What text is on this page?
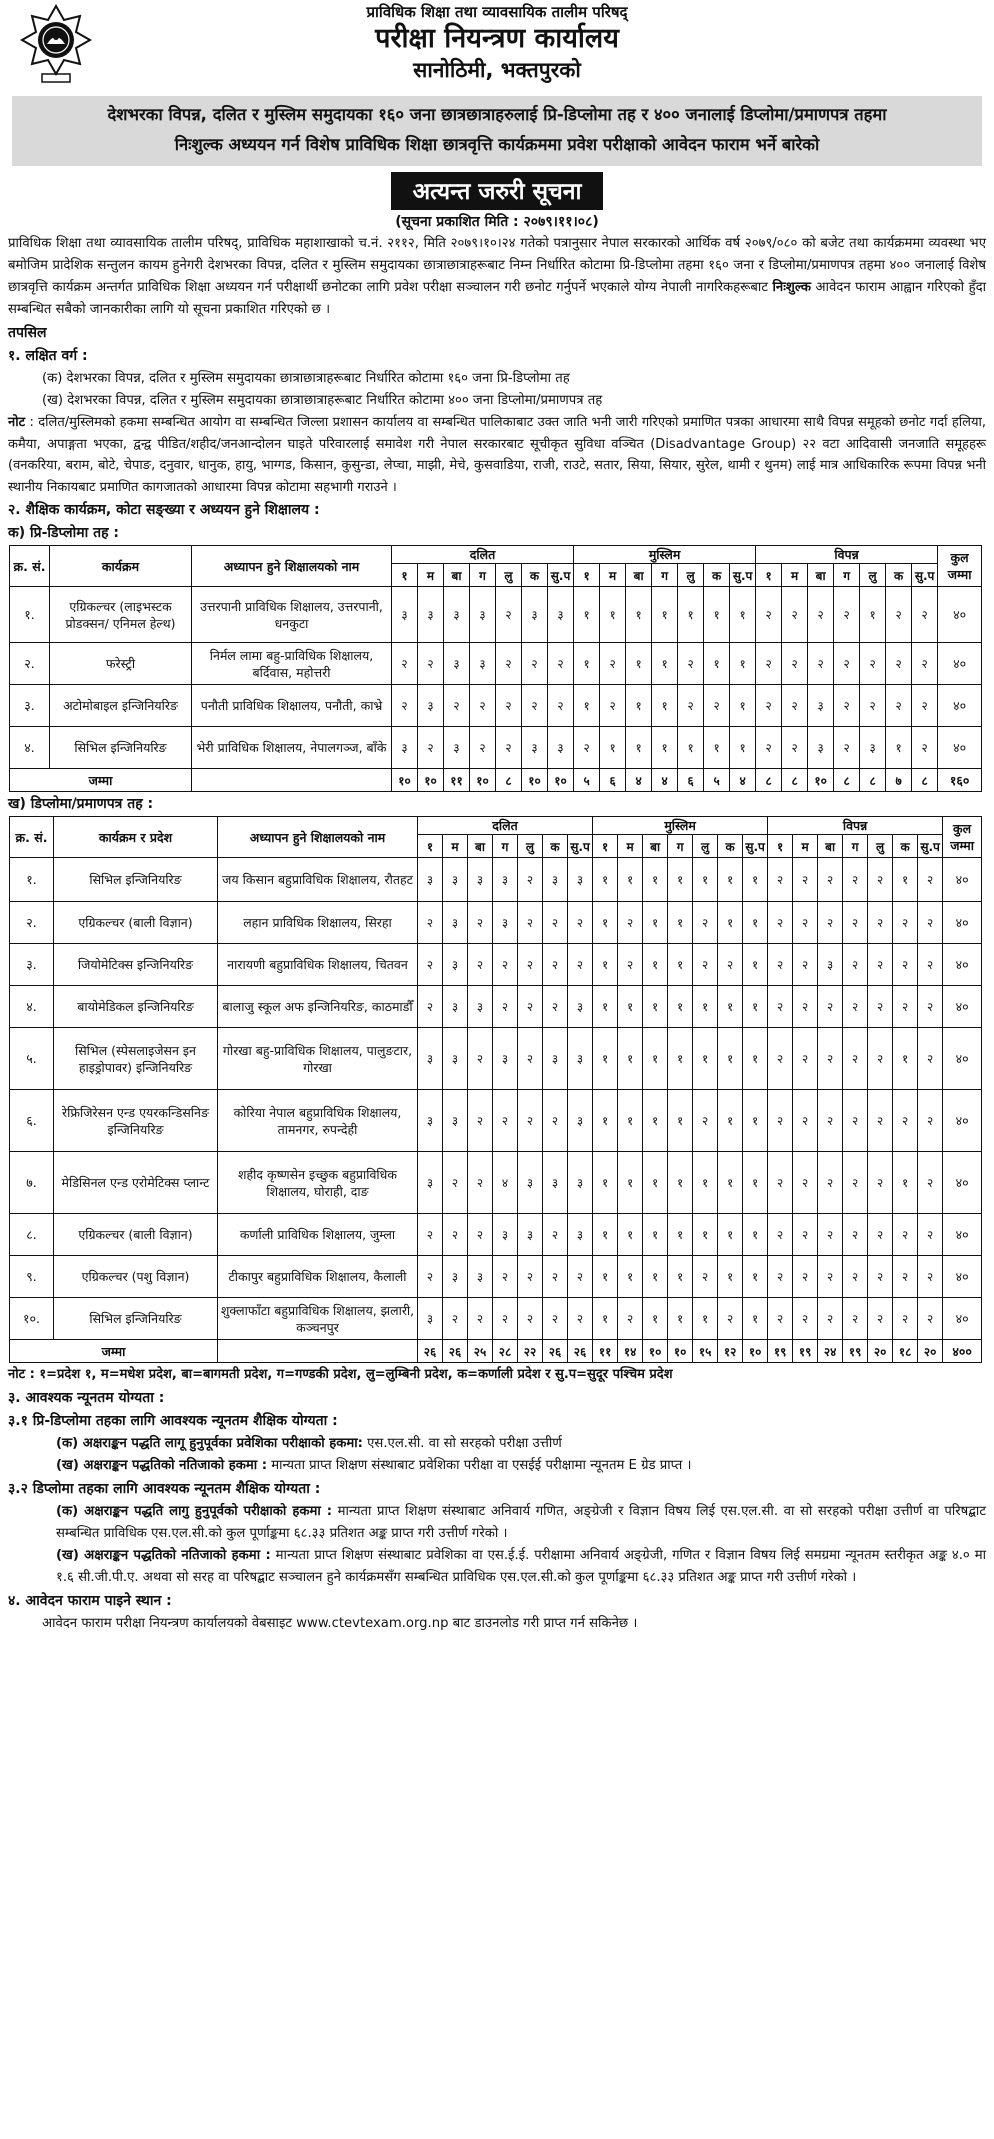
प्राविधिक शिक्षा तथा व्यावसायिक तालीम परिषद्
परीक्षा नियन्त्रण कार्यालय
सानोठिमी, भक्तपुरको
देशभरका विपन्न, दलित र मुस्लिम समुदायका १६० जना छात्रछात्राहरुलाई प्रि-डिप्लोमा तह र ४०० जनालाई डिप्लोमा/प्रमाणपत्र तहमा
निःशुल्क अध्ययन गर्न विशेष प्राविधिक शिक्षा छात्रवृत्ति कार्यक्रममा प्रवेश परीक्षाको आवेदन फाराम भर्ने बारेको
अत्यन्त जरुरी सूचना
(सूचना प्रकाशित मिति : २०७९।११।०८)
प्राविधिक शिक्षा तथा व्यावसायिक तालीम परिषद्, प्राविधिक महाशाखाको च.नं. २११२, मिति २०७९।१०।२४ गतेको पत्रानुसार नेपाल सरकारको आर्थिक वर्ष २०७९/०८० को बजेट तथा कार्यक्रममा व्यवस्था भए बमोजिम प्रादेशिक सन्तुलन कायम हुनेगरी देशभरका विपन्न, दलित र मुस्लिम समुदायका छात्राछात्राहरूबाट निम्न निर्धारित कोटामा प्रि-डिप्लोमा तहमा १६० जना र डिप्लोमा/प्रमाणपत्र तहमा ४०० जनालाई विशेष छात्रवृत्ति कार्यक्रम अन्तर्गत प्राविधिक शिक्षा अध्ययन गर्न परीक्षार्थी छनोटका लागि प्रवेश परीक्षा सञ्चालन गरी छनोट गर्नुपर्ने भएकाले योग्य नेपाली नागरिकहरूबाट निःशुल्क आवेदन फाराम आह्वान गरिएको हुँदा सम्बन्धित सबैको जानकारीका लागि यो सूचना प्रकाशित गरिएको छ ।
तपसिल
१. लक्षित वर्ग :
(क) देशभरका विपन्न, दलित र मुस्लिम समुदायका छात्राछात्राहरूबाट निर्धारित कोटामा १६० जना प्रि-डिप्लोमा तह
(ख) देशभरका विपन्न, दलित र मुस्लिम समुदायका छात्राछात्राहरूबाट निर्धारित कोटामा ४०० जना डिप्लोमा/प्रमाणपत्र तह
नोट : दलित/मुस्लिमको हकमा सम्बन्धित आयोग वा सम्बन्धित जिल्ला प्रशासन कार्यालय वा सम्बन्धित पालिकाबाट उक्त जाति भनी जारी गरिएको प्रमाणित पत्रका आधारमा साथै विपन्न समूहको छनोट गर्दा हलिया, कमैया, अपाङ्गता भएका, द्वन्द्व पीडित/शहीद/जनआन्दोलन घाइते परिवारलाई समावेश गरी नेपाल सरकारबाट सूचीकृत सुविधा वञ्चित (Disadvantage Group) २२ वटा आदिवासी जनजाति समूहहरू (वनकरिया, बराम, बोटे, चेपाङ, दनुवार, धानुक, हायु, भाग्गड, किसान, कुसुन्डा, लेप्चा, माझी, मेचे, कुसवाडिया, राजी, राउटे, सतार, सिया, सियार, सुरेल, थामी र थुनम) लाई मात्र आधिकारिक रूपमा विपन्न भनी स्थानीय निकायबाट प्रमाणित कागजातको आधारमा विपन्न कोटामा सहभागी गराउने ।
२. शैक्षिक कार्यक्रम, कोटा सङ्ख्या र अध्ययन हुने शिक्षालय :
क) प्रि-डिप्लोमा तह :
क्र. सं.	कार्यक्रम	अध्यापन हुने शिक्षालयको नाम	दलित							मुस्लिम							विपन्न							कुल जम्मा
			१	म	बा	ग	लु	क	सु.प	१	म	बा	ग	लु	क	सु.प	१	म	बा	ग	लु	क	सु.प	
१.	एग्रिकल्चर (लाइभस्टक प्रोडक्सन/ एनिमल हेल्थ)	उत्तरपानी प्राविधिक शिक्षालय, उत्तरपानी, धनकुटा	३	३	३	३	२	३	३	१	१	१	१	१	१	१	२	२	२	२	१	२	२	४०
२.	फरेस्ट्री	निर्मल लामा बहु-प्राविधिक शिक्षालय, बर्दिवास, महोत्तरी	२	२	३	३	२	२	२	१	२	१	१	२	१	१	२	२	२	२	२	२	२	४०
३.	अटोमोबाइल इन्जिनियरिङ	पनौती प्राविधिक शिक्षालय, पनौती, काभ्रे	२	३	२	२	२	२	२	१	२	१	१	२	२	१	२	२	३	२	२	२	२	४०
४.	सिभिल इन्जिनियरिङ	भेरी प्राविधिक शिक्षालय, नेपालगञ्ज, बाँके	३	२	३	२	२	३	३	२	१	१	१	१	१	१	२	२	३	२	३	१	२	४०
जम्मा			१०	१०	११	१०	८	१०	१०	५	६	४	४	६	५	४	८	८	१०	८	८	७	८	१६०
ख) डिप्लोमा/प्रमाणपत्र तह :
क्र. सं.	कार्यक्रम र प्रदेश	अध्यापन हुने शिक्षालयको नाम	दलित							मुस्लिम							विपन्न							कुल जम्मा
			१	म	बा	ग	लु	क	सु.प	१	म	बा	ग	लु	क	सु.प	१	म	बा	ग	लु	क	सु.प	
१.	सिभिल इन्जिनियरिङ	जय किसान बहुप्राविधिक शिक्षालय, रौतहट	३	३	३	३	२	३	३	१	१	१	१	१	१	१	२	२	२	२	२	१	२	४०
२.	एग्रिकल्चर (बाली विज्ञान)	लहान प्राविधिक शिक्षालय, सिरहा	२	३	२	३	२	२	२	१	२	१	१	२	१	१	२	२	२	२	२	२	२	४०
३.	जियोमेटिक्स इन्जिनियरिङ	नारायणी बहुप्राविधिक शिक्षालय, चितवन	२	३	२	२	२	२	२	१	२	१	१	२	२	१	२	२	३	२	२	२	२	४०
४.	बायोमेडिकल इन्जिनियरिङ	बालाजु स्कूल अफ इन्जिनियरिङ, काठमाडौँ	२	३	३	२	२	२	३	१	१	१	१	१	१	१	२	२	२	२	२	२	२	४०
५.	सिभिल (स्पेसलाइजेसन इन हाइड्रोपावर) इन्जिनियरिङ	गोरखा बहु-प्राविधिक शिक्षालय, पालुङटार, गोरखा	३	३	२	३	२	३	३	१	१	१	१	१	१	१	२	२	२	२	२	१	२	४०
६.	रेफ्रिजिरेसन एन्ड एयरकन्डिसनिङ इन्जिनियरिङ	कोरिया नेपाल बहुप्राविधिक शिक्षालय, तामनगर, रुपन्देही	३	३	२	२	२	२	३	१	१	१	१	२	१	१	२	२	२	२	२	२	२	४०
७.	मेडिसिनल एन्ड एरोमेटिक्स प्लान्ट	शहीद कृष्णसेन इच्छुक बहुप्राविधिक शिक्षालय, घोराही, दाङ	३	२	२	४	३	३	३	१	१	१	१	१	१	१	२	२	२	२	२	१	२	४०
८.	एग्रिकल्चर (बाली विज्ञान)	कर्णाली प्राविधिक शिक्षालय, जुम्ला	२	२	२	३	३	२	३	१	१	१	१	१	१	१	२	२	२	२	२	२	२	४०
९.	एग्रिकल्चर (पशु विज्ञान)	टीकापुर बहुप्राविधिक शिक्षालय, कैलाली	२	३	३	२	२	२	२	१	१	१	१	२	१	१	२	२	२	२	२	२	२	४०
१०.	सिभिल इन्जिनियरिङ	शुक्लाफाँटा बहुप्राविधिक शिक्षालय, झलारी, कञ्चनपुर	३	२	२	२	२	२	२	१	२	१	१	१	२	१	२	२	२	२	२	२	२	४०
जम्मा			२६	२६	२५	२८	२२	२६	२६	११	१४	१०	१०	१५	१२	१०	१९	१९	२४	१९	२०	१८	२०	४००
नोट : १=प्रदेश १, म=मधेश प्रदेश, बा=बागमती प्रदेश, ग=गण्डकी प्रदेश, लु=लुम्बिनी प्रदेश, क=कर्णाली प्रदेश र सु.प=सुदूर पश्चिम प्रदेश
३. आवश्यक न्यूनतम योग्यता :
३.१ प्रि-डिप्लोमा तहका लागि आवश्यक न्यूनतम शैक्षिक योग्यता :
(क) अक्षराङ्कन पद्धति लागू हुनुपूर्वका प्रवेशिका परीक्षाको हकमा: एस.एल.सी. वा सो सरहको परीक्षा उत्तीर्ण
(ख) अक्षराङ्कन पद्धतिको नतिजाको हकमा : मान्यता प्राप्त शिक्षण संस्थाबाट प्रवेशिका परीक्षा वा एसईई परीक्षामा न्यूनतम E ग्रेड प्राप्त ।
३.२ डिप्लोमा तहका लागि आवश्यक न्यूनतम शैक्षिक योग्यता :
(क) अक्षराङ्कन पद्धति लागु हुनुपूर्वको परीक्षाको हकमा : मान्यता प्राप्त शिक्षण संस्थाबाट अनिवार्य गणित, अङ्ग्रेजी र विज्ञान विषय लिई एस.एल.सी. वा सो सरहको परीक्षा उत्तीर्ण वा परिषद्बाट सम्बन्धित प्राविधिक एस.एल.सी.को कुल पूर्णाङ्कमा ६८.३३ प्रतिशत अङ्क प्राप्त गरी उत्तीर्ण गरेको ।
(ख) अक्षराङ्कन पद्धतिको नतिजाको हकमा : मान्यता प्राप्त शिक्षण संस्थाबाट प्रवेशिका वा एस.ई.ई. परीक्षामा अनिवार्य अङ्ग्रेजी, गणित र विज्ञान विषय लिई समग्रमा न्यूनतम स्तरीकृत अङ्क ४.० मा १.६ सी.जी.पी.ए. अथवा सो सरह वा परिषद्बाट सञ्चालन हुने कार्यक्रमसँग सम्बन्धित प्राविधिक एस.एल.सी.को कुल पूर्णाङ्कमा ६८.३३ प्रतिशत अङ्क प्राप्त गरी उत्तीर्ण गरेको ।
४. आवेदन फाराम पाइने स्थान :
आवेदन फाराम परीक्षा नियन्त्रण कार्यालयको वेबसाइट www.ctevtexam.org.np बाट डाउनलोड गरी प्राप्त गर्न सकिनेछ ।
